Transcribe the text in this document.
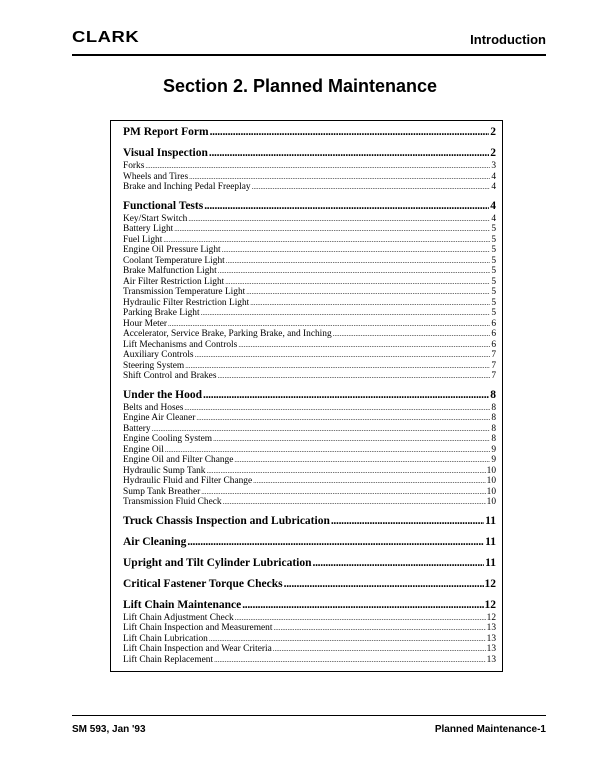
CLARK	Introduction
Section 2. Planned Maintenance
PM Report Form .....	2
Visual Inspection .....	2
Forks .....	3
Wheels and Tires .....	4
Brake and Inching Pedal Freeplay .....	4
Functional Tests .....	4
Key/Start Switch .....	4
Battery Light .....	5
Fuel Light .....	5
Engine Oil Pressure Light .....	5
Coolant Temperature Light .....	5
Brake Malfunction Light .....	5
Air Filter Restriction Light .....	5
Transmission Temperature Light .....	5
Hydraulic Filter Restriction Light .....	5
Parking Brake Light .....	5
Hour Meter .....	6
Accelerator, Service Brake, Parking Brake, and Inching .....	6
Lift Mechanisms and Controls .....	6
Auxiliary Controls .....	7
Steering System .....	7
Shift Control and Brakes .....	7
Under the Hood .....	8
Belts and Hoses .....	8
Engine Air Cleaner .....	8
Battery .....	8
Engine Cooling System .....	8
Engine Oil .....	9
Engine Oil and Filter Change .....	9
Hydraulic Sump Tank .....	10
Hydraulic Fluid and Filter Change .....	10
Sump Tank Breather .....	10
Transmission Fluid Check .....	10
Truck Chassis Inspection and Lubrication .....	11
Air Cleaning .....	11
Upright and Tilt Cylinder Lubrication .....	11
Critical Fastener Torque Checks .....	12
Lift Chain Maintenance .....	12
Lift Chain Adjustment Check .....	12
Lift Chain Inspection and Measurement .....	13
Lift Chain Lubrication .....	13
Lift Chain Inspection and Wear Criteria .....	13
Lift Chain Replacement .....	13
SM 593, Jan '93	Planned Maintenance-1
